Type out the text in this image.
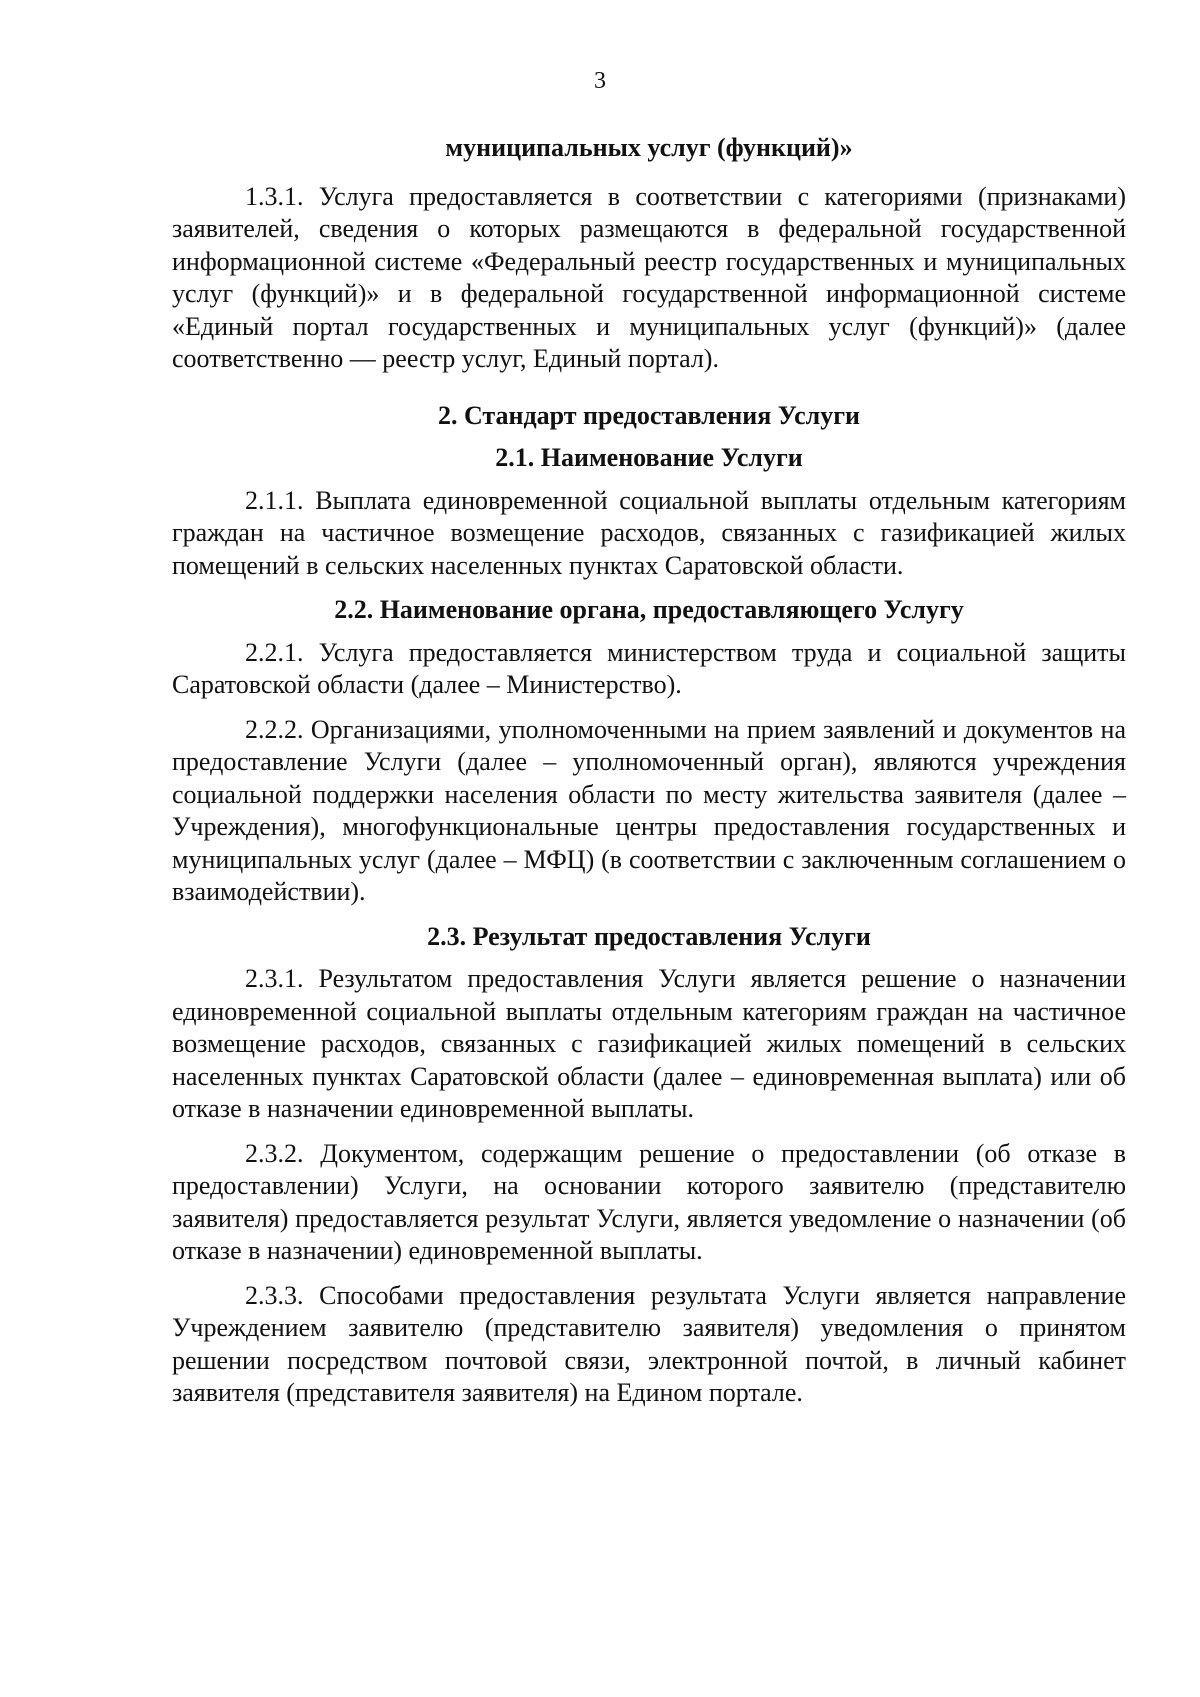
3

муниципальных услуг (функций)»

1.3.1. Услуга предоставляется в соответствии с категориями (признаками) заявителей, сведения о которых размещаются в федеральной государственной информационной системе «Федеральный реестр государственных и муниципальных услуг (функций)» и в федеральной государственной информационной системе «Единый портал государственных и муниципальных услуг (функций)» (далее соответственно — реестр услуг, Единый портал).

2. Стандарт предоставления Услуги

2.1. Наименование Услуги

2.1.1. Выплата единовременной социальной выплаты отдельным категориям граждан на частичное возмещение расходов, связанных с газификацией жилых помещений в сельских населенных пунктах Саратовской области.

2.2. Наименование органа, предоставляющего Услугу

2.2.1. Услуга предоставляется министерством труда и социальной защиты Саратовской области (далее – Министерство).

2.2.2. Организациями, уполномоченными на прием заявлений и документов на предоставление Услуги (далее – уполномоченный орган), являются учреждения социальной поддержки населения области по месту жительства заявителя (далее – Учреждения), многофункциональные центры предоставления государственных и муниципальных услуг (далее – МФЦ) (в соответствии с заключенным соглашением о взаимодействии).

2.3. Результат предоставления Услуги

2.3.1. Результатом предоставления Услуги является решение о назначении единовременной социальной выплаты отдельным категориям граждан на частичное возмещение расходов, связанных с газификацией жилых помещений в сельских населенных пунктах Саратовской области (далее – единовременная выплата) или об отказе в назначении единовременной выплаты.

2.3.2. Документом, содержащим решение о предоставлении (об отказе в предоставлении) Услуги, на основании которого заявителю (представителю заявителя) предоставляется результат Услуги, является уведомление о назначении (об отказе в назначении) единовременной выплаты.

2.3.3. Способами предоставления результата Услуги является направление Учреждением заявителю (представителю заявителя) уведомления о принятом решении посредством почтовой связи, электронной почтой, в личный кабинет заявителя (представителя заявителя) на Едином портале.
